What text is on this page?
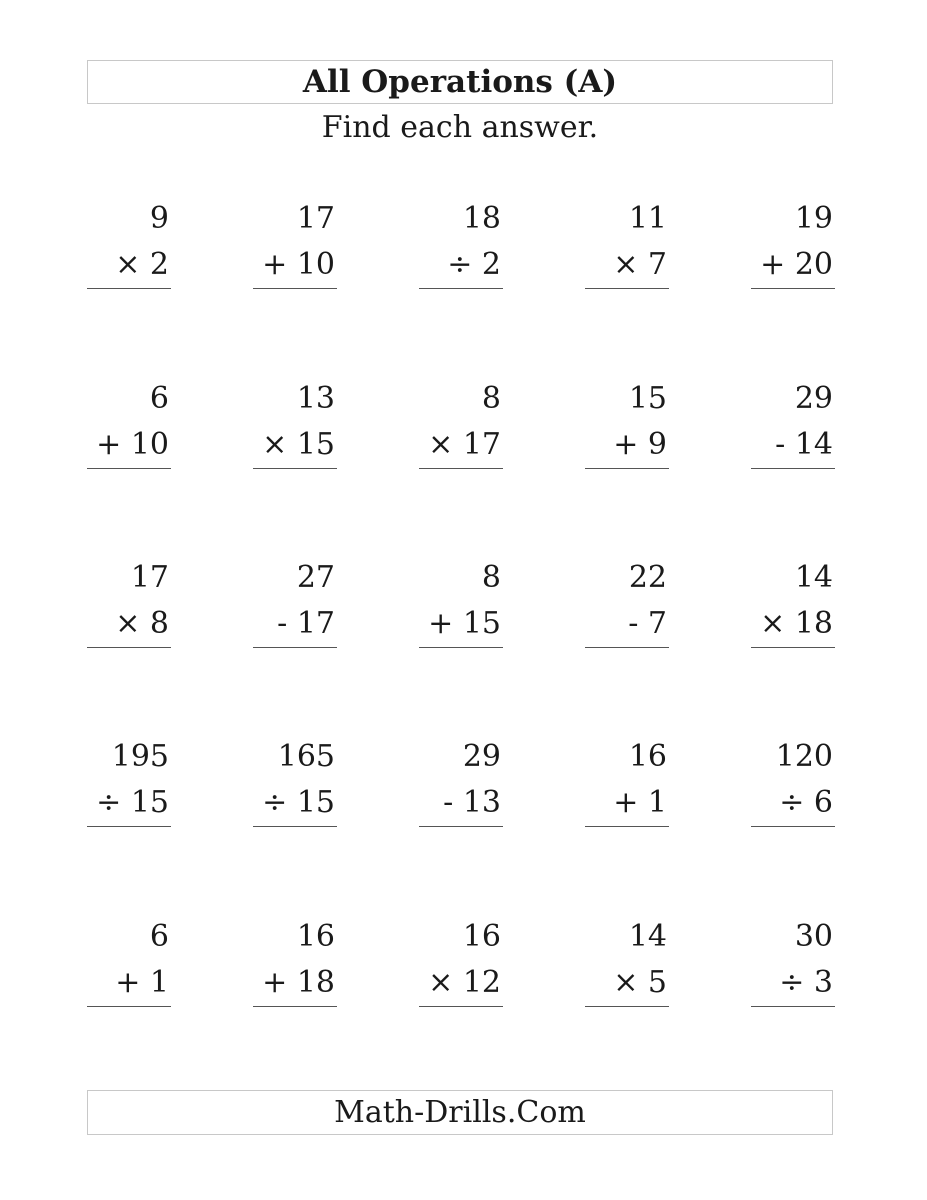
All Operations (A)
Find each answer.
9
× 2
17
+ 10
18
÷ 2
11
× 7
19
+ 20
6
+ 10
13
× 15
8
× 17
15
+ 9
29
- 14
17
× 8
27
- 17
8
+ 15
22
- 7
14
× 18
195
÷ 15
165
÷ 15
29
- 13
16
+ 1
120
÷ 6
6
+ 1
16
+ 18
16
× 12
14
× 5
30
÷ 3
Math-Drills.Com
